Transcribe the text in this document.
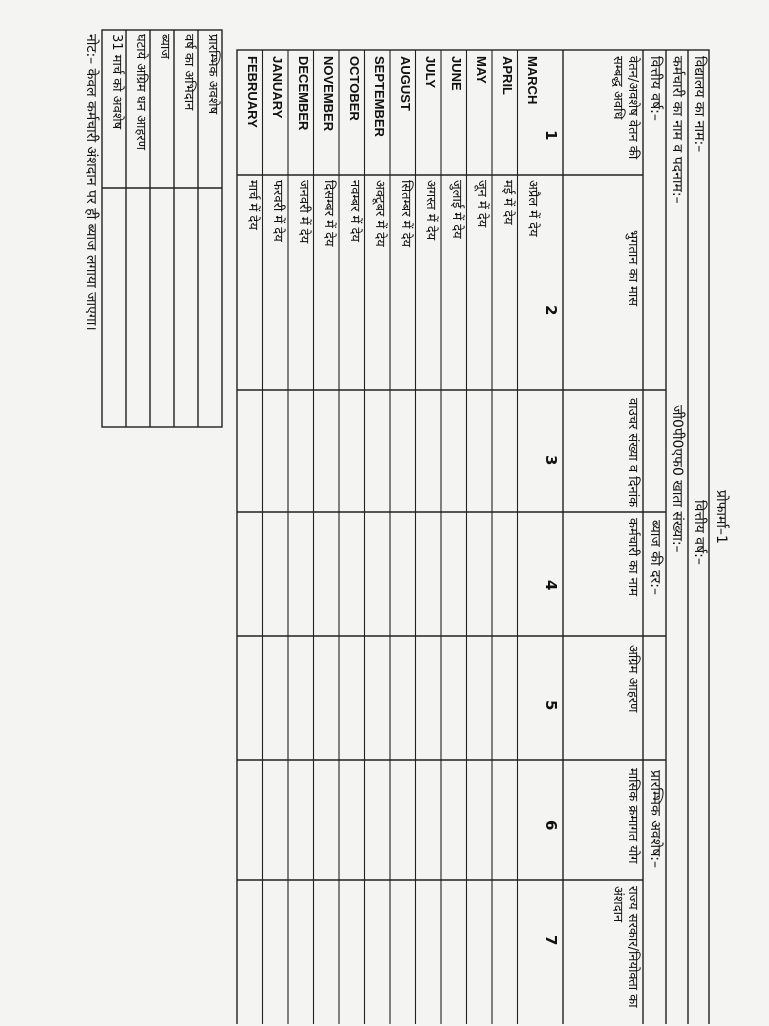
प्रोफार्मा–1
विद्यालय का नाम:–
कर्मचारी का नाम व पदनाम:–
वित्तीय वर्ष:–
वित्तीय वर्ष:–
जी0पी0एफ0 खाता संख्या:–
ब्याज की दर:–
प्रारम्भिक अवशेष:–
वेतन/अवशेष वेतन की सम्बद्ध अवधि
भुगतान का मास
वाउचर संख्या व दिनांक
कर्मचारी का नाम
अग्रिम आहरण
मासिक क्रमागत योग
राज्य सरकार/नियोक्ता का अंशदान
1
2
3
4
5
6
7
MARCH
अप्रैल में देय
APRIL
मई में देय
MAY
जून में देय
JUNE
जुलाई में देय
JULY
अगस्त में देय
AUGUST
सितम्बर में देय
SEPTEMBER
अक्टूबर में देय
OCTOBER
नवम्बर में देय
NOVEMBER
दिसम्बर में देय
DECEMBER
जनवरी में देय
JANUARY
फरवरी में देय
FEBRUARY
मार्च में देय
प्रारम्भिक अवशेष
वर्ष का अभिदान
ब्याज
घटाये अग्रिम धन आहरण
31 मार्च को अवशेष
नोट:– केवल कर्मचारी अंशदान पर ही ब्याज लगाया जाएगा।
